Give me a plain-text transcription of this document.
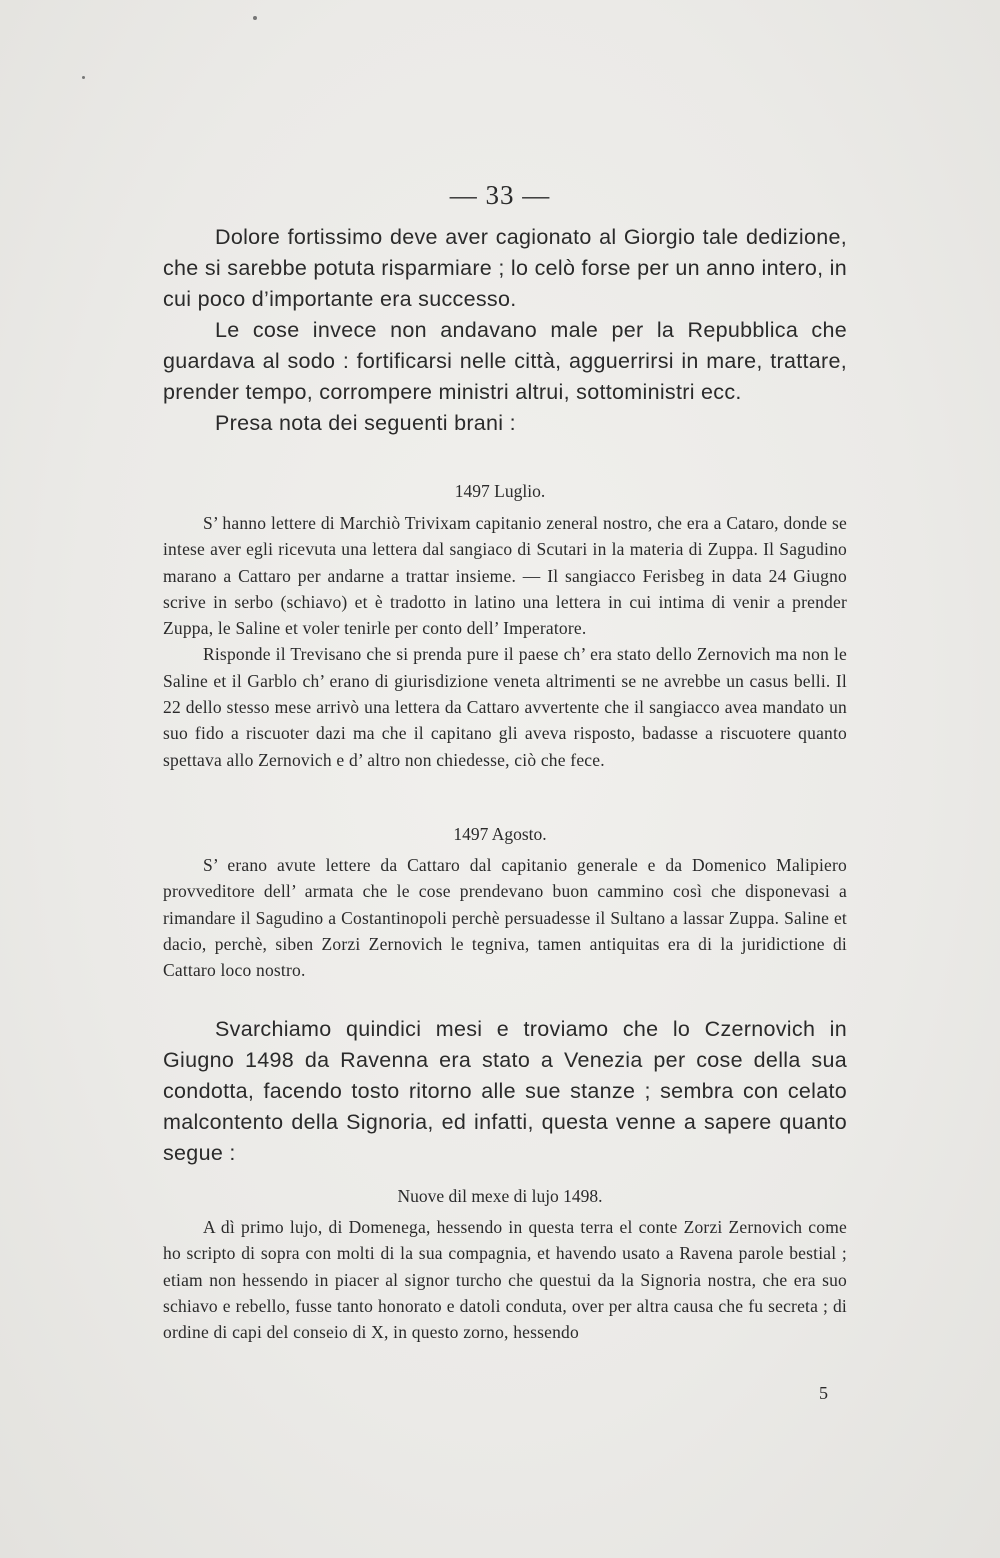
— 33 —

Dolore fortissimo deve aver cagionato al Giorgio tale dedizione, che si sarebbe potuta risparmiare ; lo celò forse per un anno intero, in cui poco d’importante era successo.

Le cose invece non andavano male per la Repubblica che guardava al sodo : fortificarsi nelle città, agguerrirsi in mare, trattare, prender tempo, corrompere ministri altrui, sottoministri ecc.

Presa nota dei seguenti brani :

1497 Luglio.

S’ hanno lettere di Marchiò Trivixam capitanio zeneral nostro, che era a Cataro, donde se intese aver egli ricevuta una lettera dal sangiaco di Scutari in la materia di Zuppa. Il Sagudino marano a Cattaro per andarne a trattar insieme. — Il sangiacco Ferisbeg in data 24 Giugno scrive in serbo (schiavo) et è tradotto in latino una lettera in cui intima di venir a prender Zuppa, le Saline et voler tenirle per conto dell’ Imperatore.

Risponde il Trevisano che si prenda pure il paese ch’ era stato dello Zernovich ma non le Saline et il Garblo ch’ erano di giurisdizione veneta altrimenti se ne avrebbe un casus belli. Il 22 dello stesso mese arrivò una lettera da Cattaro avvertente che il sangiacco avea mandato un suo fido a riscuoter dazi ma che il capitano gli aveva risposto, badasse a riscuotere quanto spettava allo Zernovich e d’ altro non chiedesse, ciò che fece.

1497 Agosto.

S’ erano avute lettere da Cattaro dal capitanio generale e da Domenico Malipiero provveditore dell’ armata che le cose prendevano buon cammino così che disponevasi a rimandare il Sagudino a Costantinopoli perchè persuadesse il Sultano a lassar Zuppa. Saline et dacio, perchè, siben Zorzi Zernovich le tegniva, tamen antiquitas era di la juridictione di Cattaro loco nostro.

Svarchiamo quindici mesi e troviamo che lo Czernovich in Giugno 1498 da Ravenna era stato a Venezia per cose della sua condotta, facendo tosto ritorno alle sue stanze ; sembra con celato malcontento della Signoria, ed infatti, questa venne a sapere quanto segue :

Nuove dil mexe di lujo 1498.

A dì primo lujo, di Domenega, hessendo in questa terra el conte Zorzi Zernovich come ho scripto di sopra con molti di la sua compagnia, et havendo usato a Ravena parole bestial ; etiam non hessendo in piacer al signor turcho che questui da la Signoria nostra, che era suo schiavo e rebello, fusse tanto honorato e datoli conduta, over per altra causa che fu secreta ; di ordine di capi del conseio di X, in questo zorno, hessendo

5
